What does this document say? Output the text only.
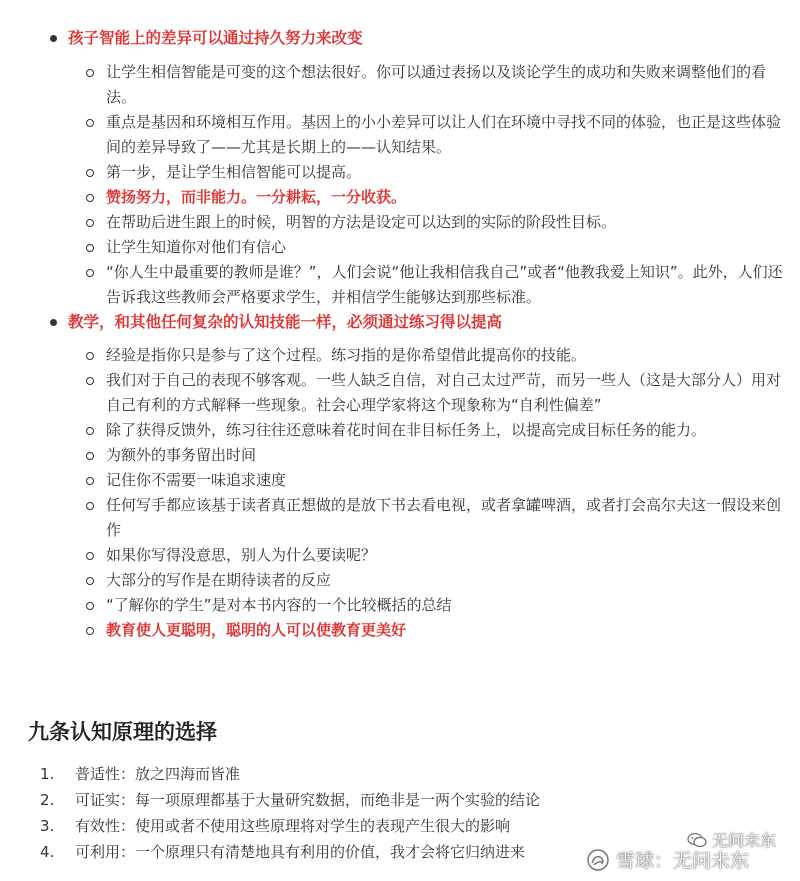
孩子智能上的差异可以通过持久努力来改变
让学生相信智能是可变的这个想法很好。你可以通过表扬以及谈论学生的成功和失败来调整他们的看法。
重点是基因和环境相互作用。基因上的小小差异可以让人们在环境中寻找不同的体验，也正是这些体验间的差异导致了——尤其是长期上的——认知结果。
第一步，是让学生相信智能可以提高。
赞扬努力，而非能力。一分耕耘，一分收获。
在帮助后进生跟上的时候，明智的方法是设定可以达到的实际的阶段性目标。
让学生知道你对他们有信心
“你人生中最重要的教师是谁？”，人们会说“他让我相信我自己”或者“他教我爱上知识”。此外，人们还告诉我这些教师会严格要求学生，并相信学生能够达到那些标准。
教学，和其他任何复杂的认知技能一样，必须通过练习得以提高
经验是指你只是参与了这个过程。练习指的是你希望借此提高你的技能。
我们对于自己的表现不够客观。一些人缺乏自信，对自己太过严苛，而另一些人（这是大部分人）用对自己有利的方式解释一些现象。社会心理学家将这个现象称为“自利性偏差”
除了获得反馈外，练习往往还意味着花时间在非目标任务上，以提高完成目标任务的能力。
为额外的事务留出时间
记住你不需要一味追求速度
任何写手都应该基于读者真正想做的是放下书去看电视，或者拿罐啤酒，或者打会高尔夫这一假设来创作
如果你写得没意思，别人为什么要读呢？
大部分的写作是在期待读者的反应
“了解你的学生”是对本书内容的一个比较概括的总结
教育使人更聪明，聪明的人可以使教育更美好
九条认知原理的选择
1. 普适性：放之四海而皆准
2. 可证实：每一项原理都基于大量研究数据，而绝非是一两个实验的结论
3. 有效性：使用或者不使用这些原理将对学生的表现产生很大的影响
4. 可利用：一个原理只有清楚地具有利用的价值，我才会将它归纳进来
无问未东
雪球：无问未东
